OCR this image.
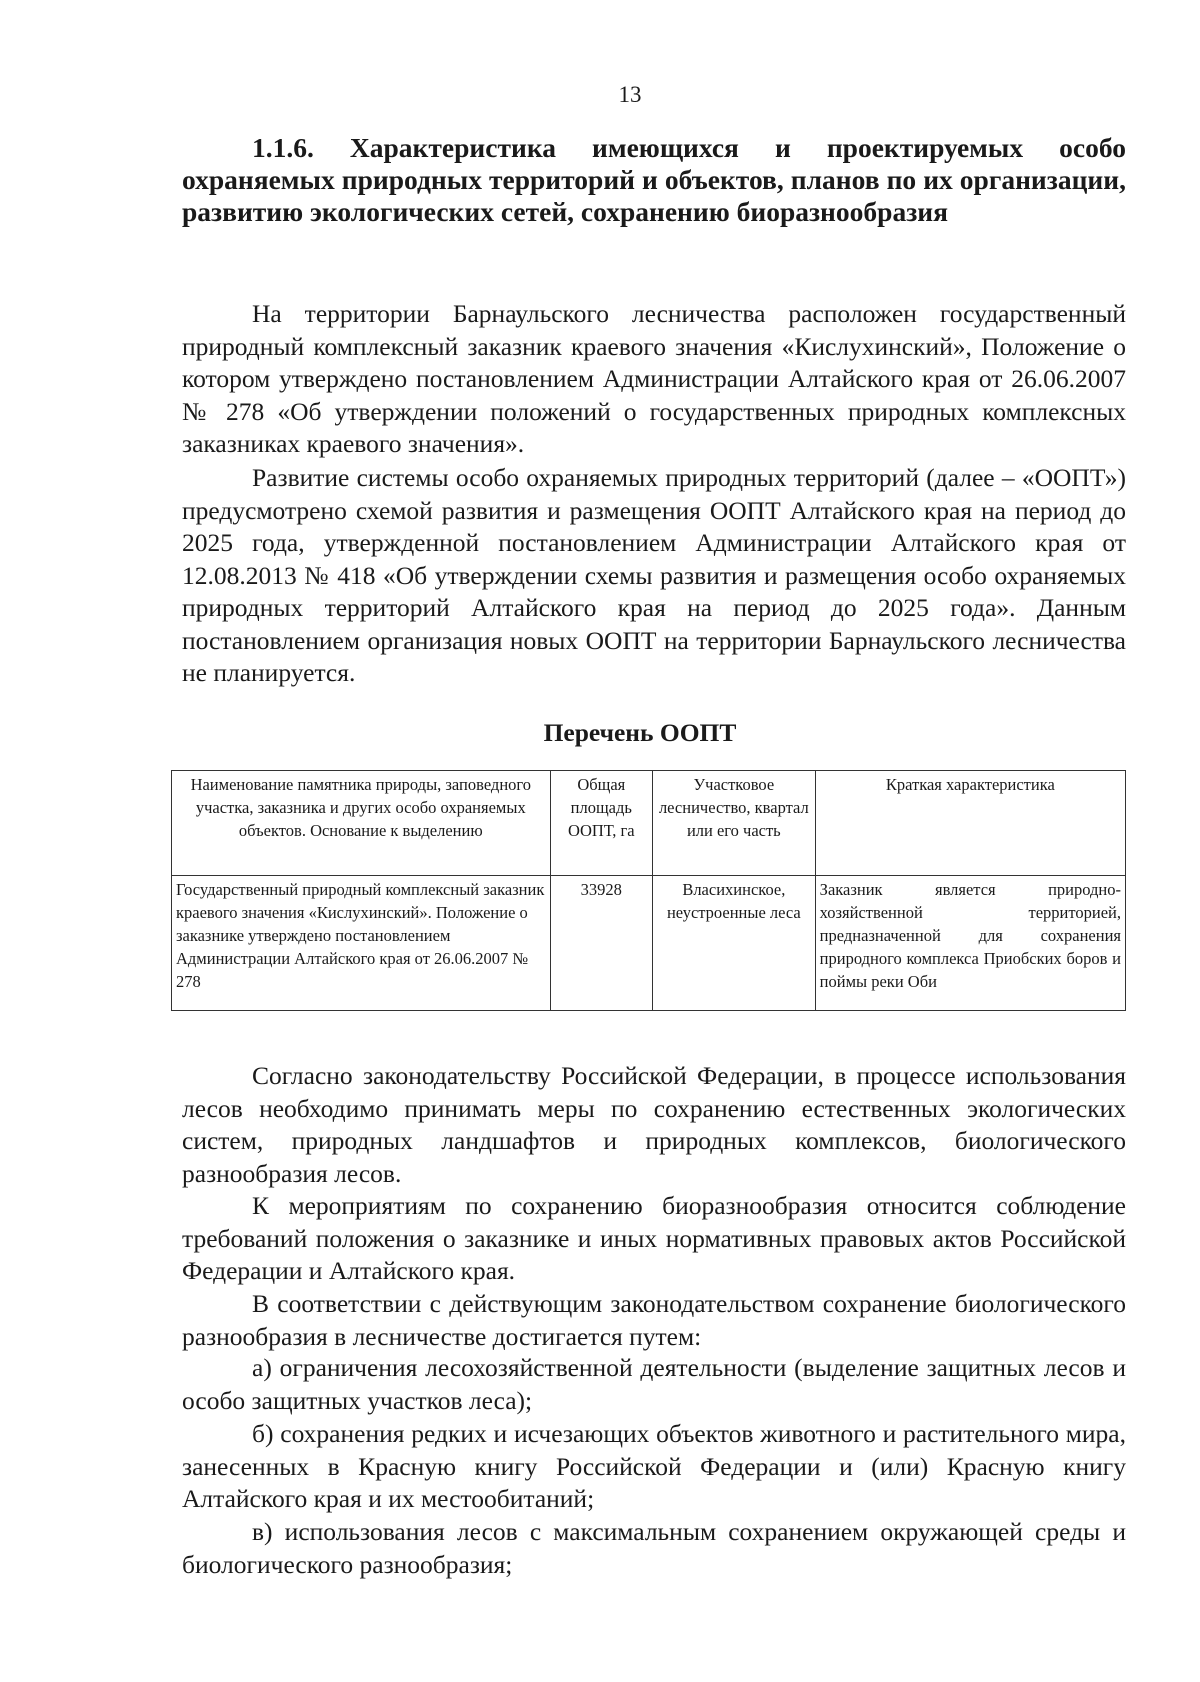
13
1.1.6. Характеристика имеющихся и проектируемых особо охраняемых природных территорий и объектов, планов по их организации, развитию экологических сетей, сохранению биоразнообразия

На территории Барнаульского лесничества расположен государственный природный комплексный заказник краевого значения «Кислухинский», Положение о котором утверждено постановлением Администрации Алтайского края от 26.06.2007 № 278 «Об утверждении положений о государственных природных комплексных заказниках краевого значения».

Развитие системы особо охраняемых природных территорий (далее – «ООПТ») предусмотрено схемой развития и размещения ООПТ Алтайского края на период до 2025 года, утвержденной постановлением Администрации Алтайского края от 12.08.2013 № 418 «Об утверждении схемы развития и размещения особо охраняемых природных территорий Алтайского края на период до 2025 года». Данным постановлением организация новых ООПТ на территории Барнаульского лесничества не планируется.

Перечень ООПТ
Наименование памятника природы, заповедного участка, заказника и других особо охраняемых объектов. Основание к выделению	Общая площадь ООПТ, га	Участковое лесничество, квартал или его часть	Краткая характеристика
Государственный природный комплексный заказник краевого значения «Кислухинский». Положение о заказнике утверждено постановлением Администрации Алтайского края от 26.06.2007 № 278	33928	Власихинское, неустроенные леса	Заказник является природно-хозяйственной территорией, предназначенной для сохранения природного комплекса Приобских боров и поймы реки Оби

Согласно законодательству Российской Федерации, в процессе использования лесов необходимо принимать меры по сохранению естественных экологических систем, природных ландшафтов и природных комплексов, биологического разнообразия лесов.

К мероприятиям по сохранению биоразнообразия относится соблюдение требований положения о заказнике и иных нормативных правовых актов Российской Федерации и Алтайского края.

В соответствии с действующим законодательством сохранение биологического разнообразия в лесничестве достигается путем:

а) ограничения лесохозяйственной деятельности (выделение защитных лесов и особо защитных участков леса);

б) сохранения редких и исчезающих объектов животного и растительного мира, занесенных в Красную книгу Российской Федерации и (или) Красную книгу Алтайского края и их местообитаний;

в) использования лесов с максимальным сохранением окружающей среды и биологического разнообразия;
